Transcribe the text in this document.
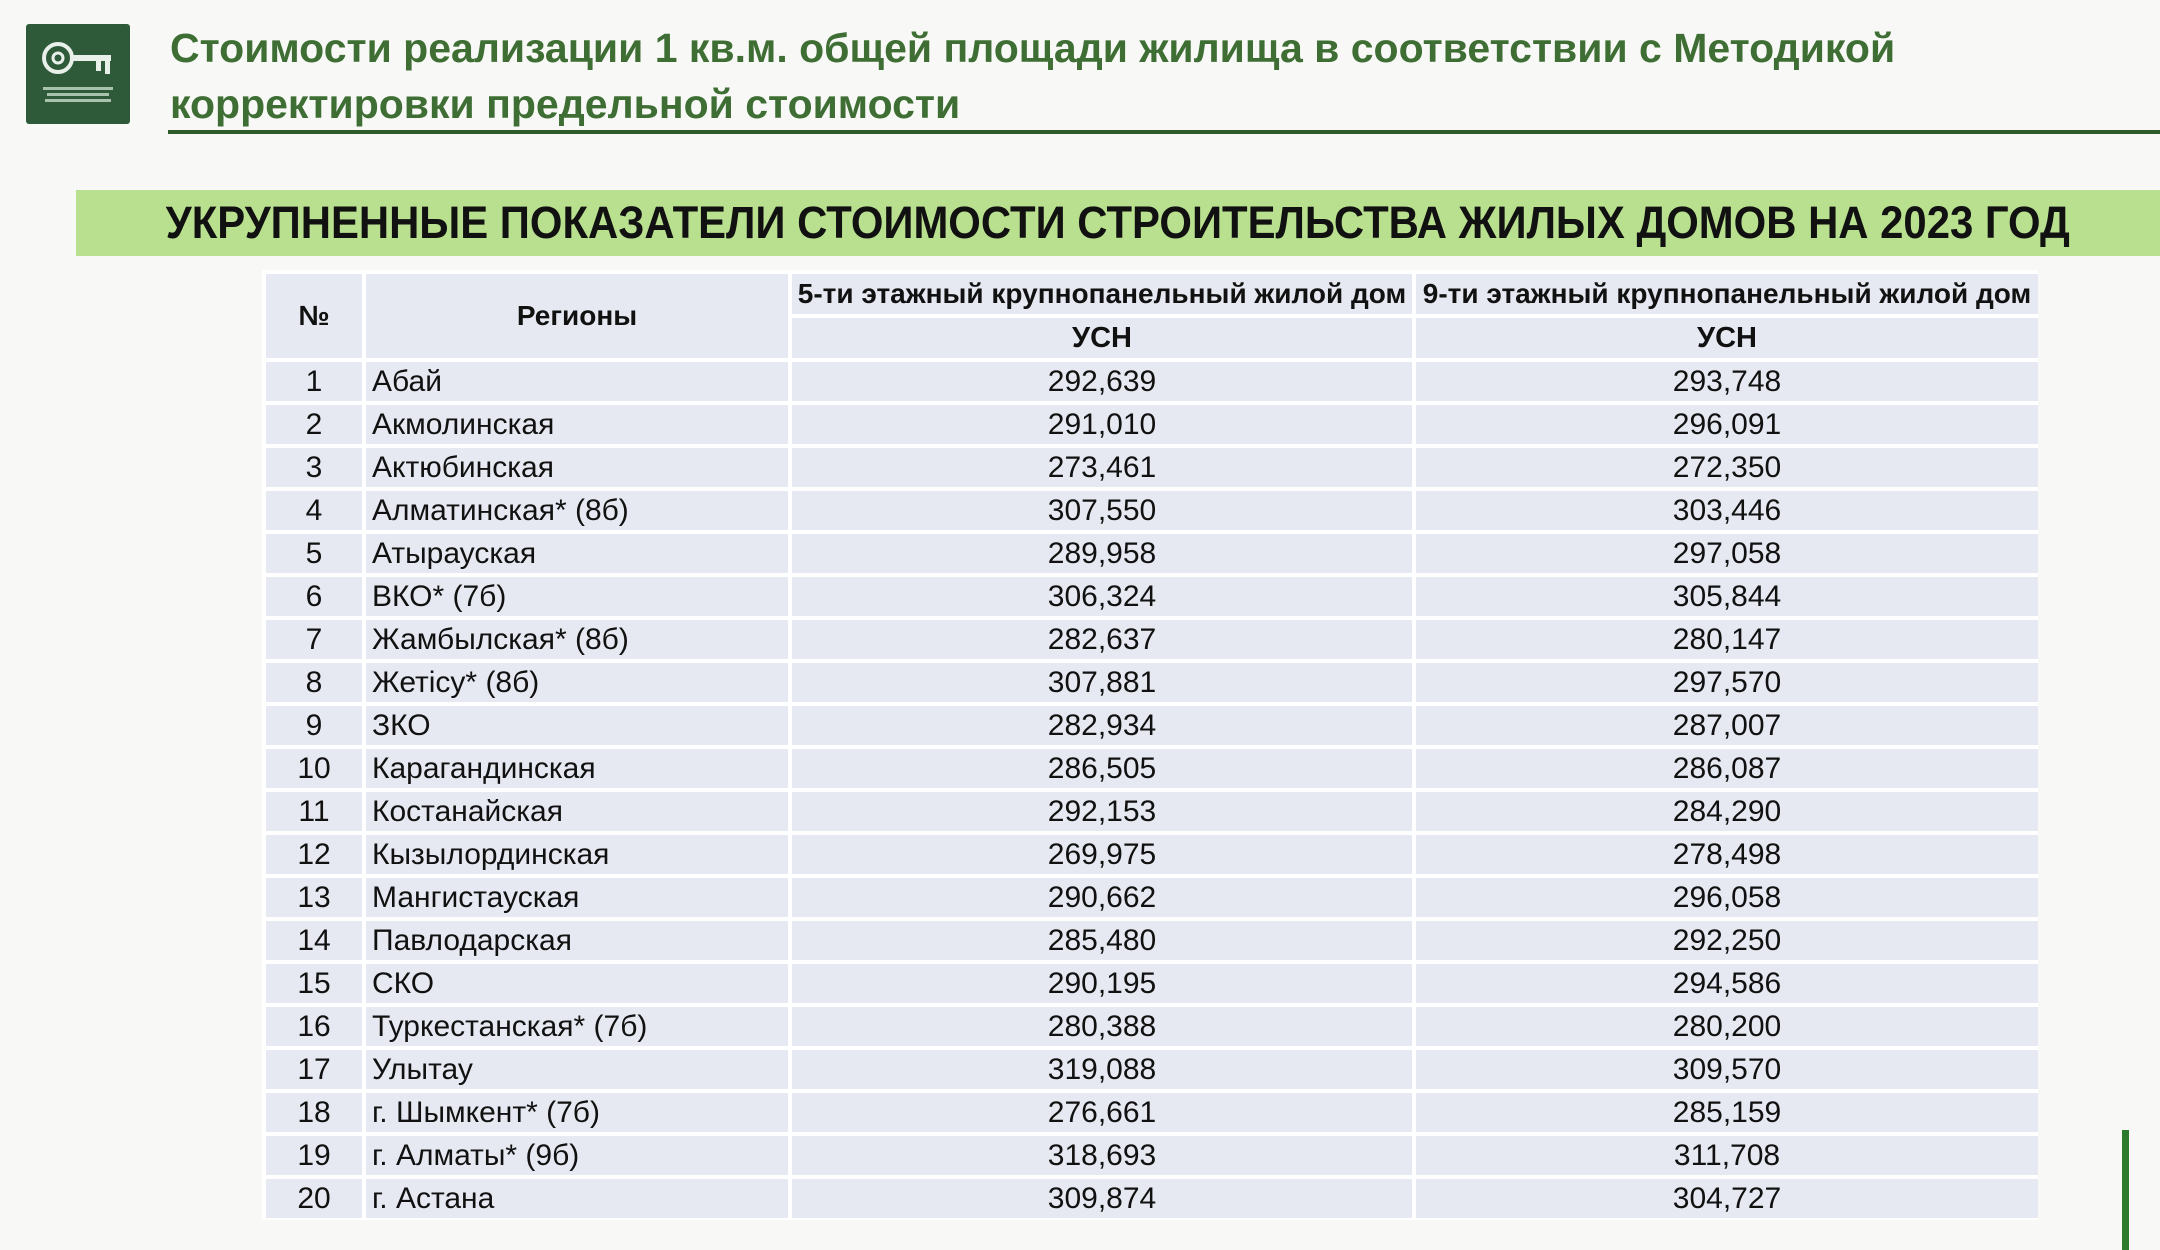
Стоимости реализации 1 кв.м. общей площади жилища в соответствии с Методикой корректировки предельной стоимости
УКРУПНЕННЫЕ ПОКАЗАТЕЛИ СТОИМОСТИ СТРОИТЕЛЬСТВА ЖИЛЫХ ДОМОВ НА 2023 ГОД
№	Регионы	5-ти этажный крупнопанельный жилой дом	9-ти этажный крупнопанельный жилой дом
		УСН	УСН
1	Абай	292,639	293,748
2	Акмолинская	291,010	296,091
3	Актюбинская	273,461	272,350
4	Алматинская* (8б)	307,550	303,446
5	Атырауская	289,958	297,058
6	ВКО* (7б)	306,324	305,844
7	Жамбылская* (8б)	282,637	280,147
8	Жетісу* (8б)	307,881	297,570
9	ЗКО	282,934	287,007
10	Карагандинская	286,505	286,087
11	Костанайская	292,153	284,290
12	Кызылординская	269,975	278,498
13	Мангистауская	290,662	296,058
14	Павлодарская	285,480	292,250
15	СКО	290,195	294,586
16	Туркестанская* (7б)	280,388	280,200
17	Улытау	319,088	309,570
18	г. Шымкент* (7б)	276,661	285,159
19	г. Алматы* (9б)	318,693	311,708
20	г. Астана	309,874	304,727
